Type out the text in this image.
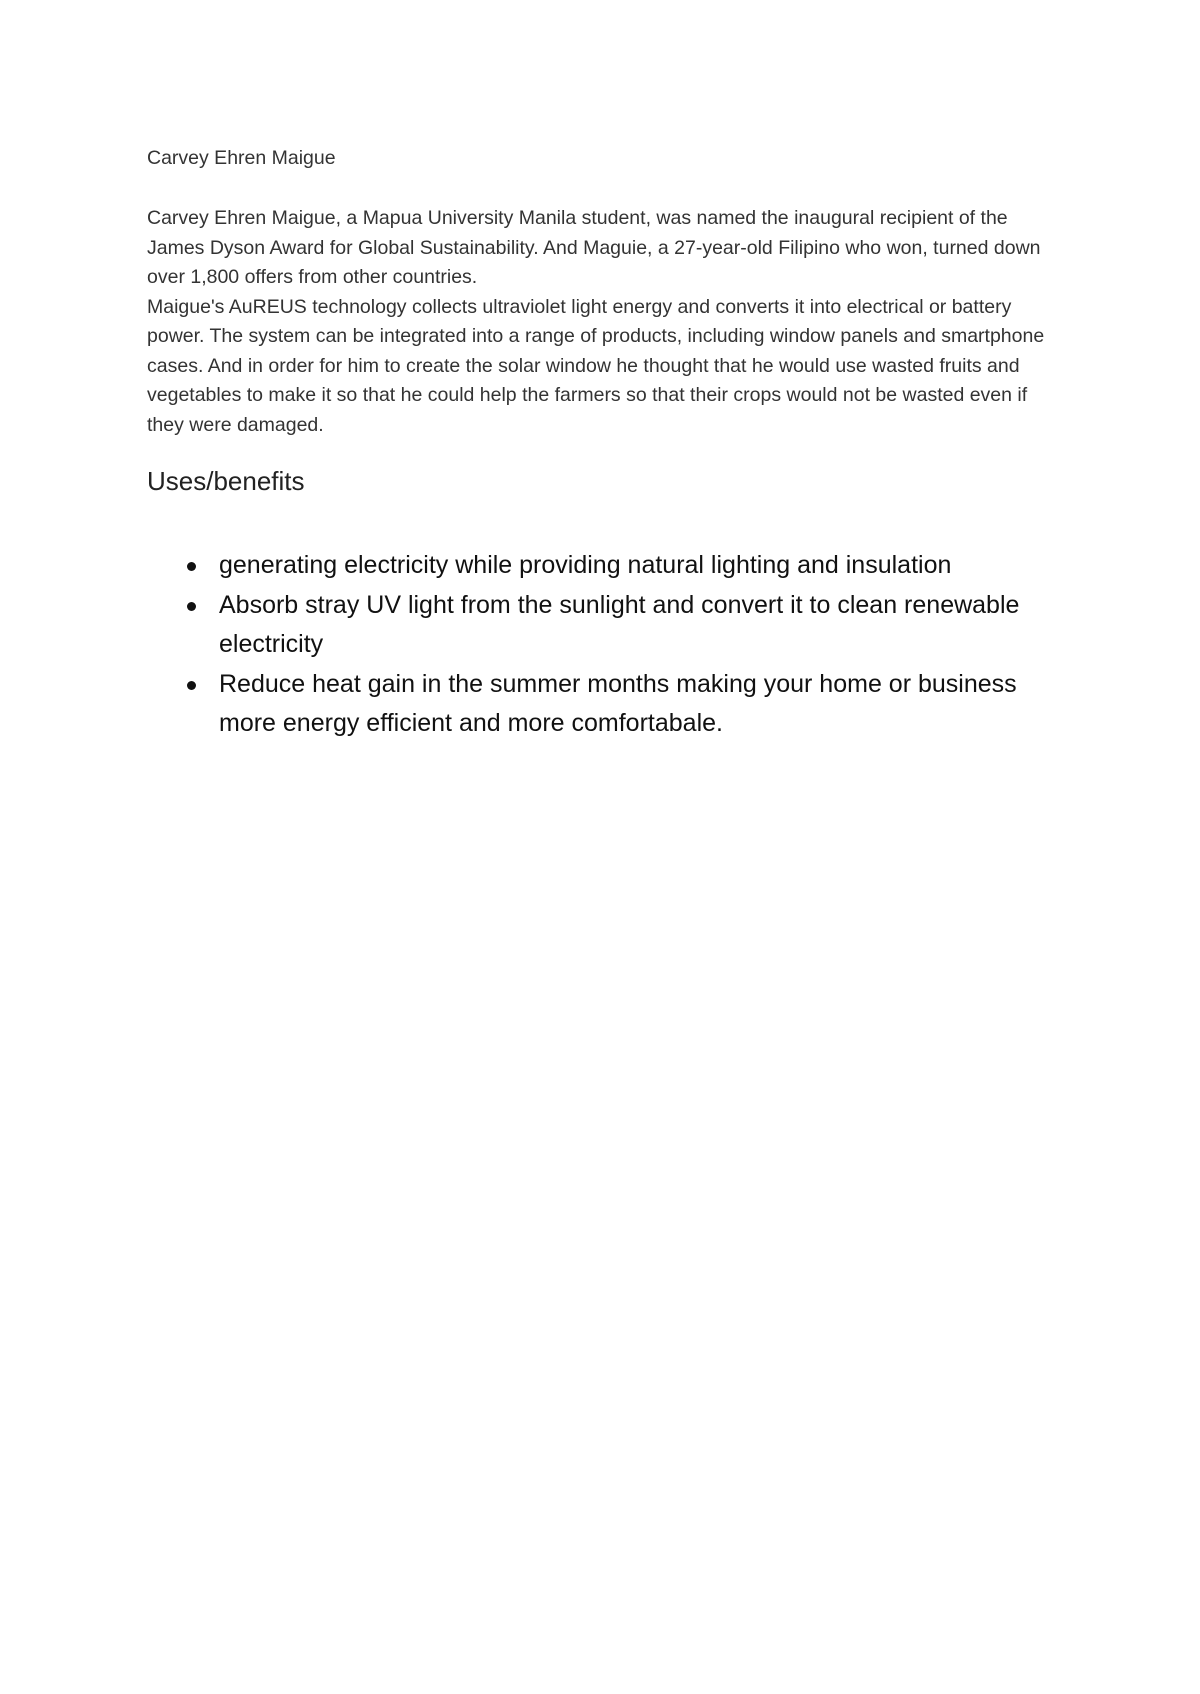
Carvey Ehren Maigue

Carvey Ehren Maigue, a Mapua University Manila student, was named the inaugural recipient of the James Dyson Award for Global Sustainability. And Maguie, a 27-year-old Filipino who won, turned down over 1,800 offers from other countries.

Maigue's AuREUS technology collects ultraviolet light energy and converts it into electrical or battery power. The system can be integrated into a range of products, including window panels and smartphone cases. And in order for him to create the solar window he thought that he would use wasted fruits and vegetables to make it so that he could help the farmers so that their crops would not be wasted even if they were damaged.

Uses/benefits
generating electricity while providing natural lighting and insulation
Absorb stray UV light from the sunlight and convert it to clean renewable electricity
Reduce heat gain in the summer months making your home or business more energy efficient and more comfortabale.
